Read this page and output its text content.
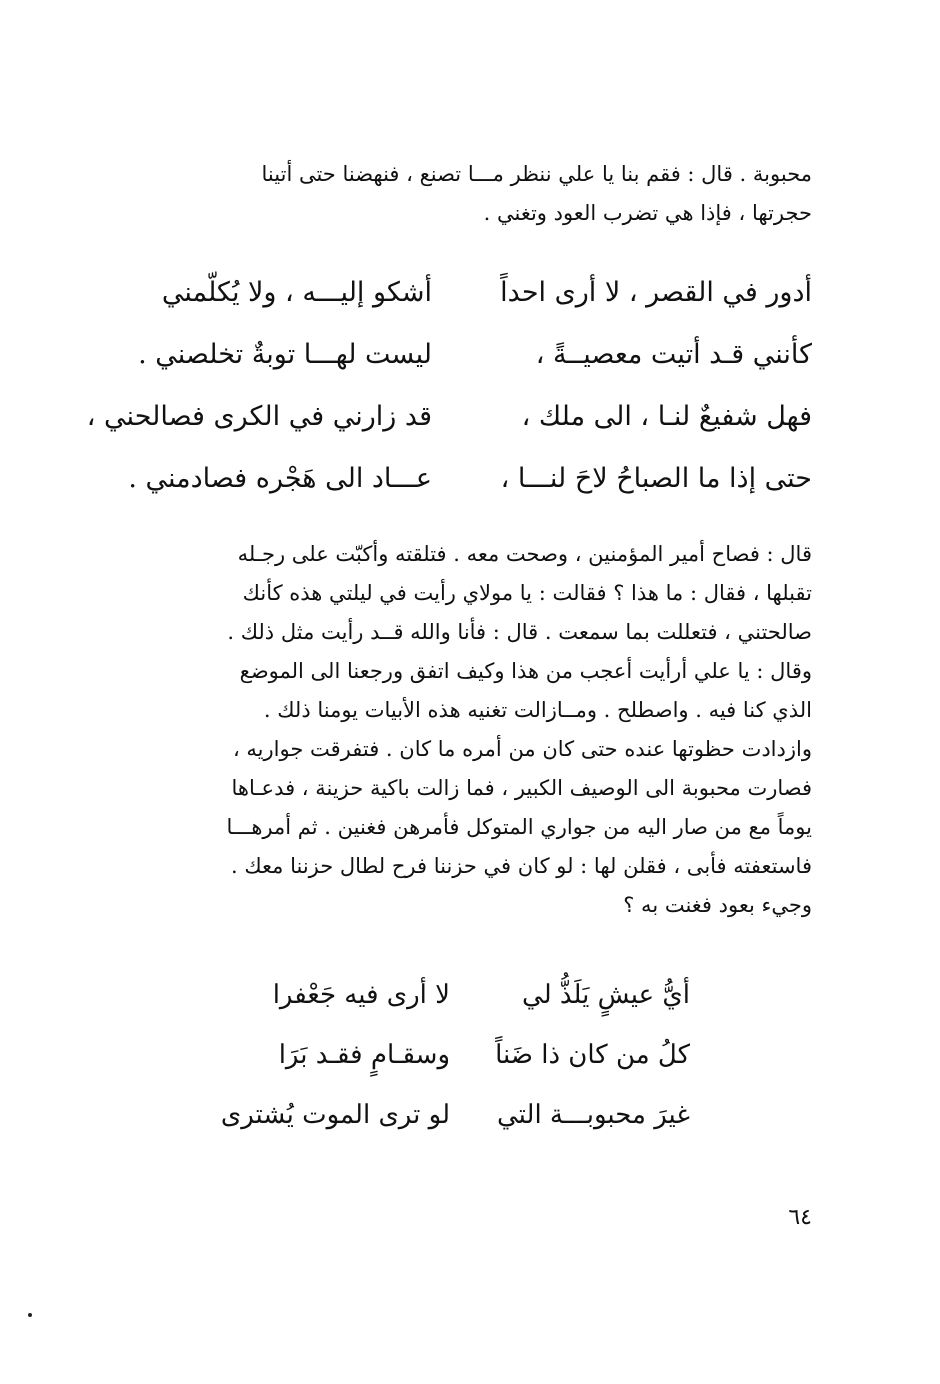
محبوبة . قال : فقم بنا يا علي ننظر مـــا تصنع ، فنهضنا حتى أتينا

حجرتها ، فإذا هي تضرب العود وتغني .

أدور في القصر ، لا أرى احداً
أشكو إليـــه ، ولا يُكلّمني
كأنني قـد أتيت معصيــةً ،
ليست لهـــا توبةٌ تخلصني .
فهل شفيعٌ لنـا ، الى ملك ،
قد زارني في الكرى فصالحني ،
حتى إذا ما الصباحُ لاحَ لنـــا ،
عـــاد الى هَجْره فصادمني .

قال : فصاح أمير المؤمنين ، وصحت معه . فتلقته وأكبّت على رجـله

تقبلها ، فقال : ما هذا ؟ فقالت : يا مولاي رأيت في ليلتي هذه كأنك

صالحتني ، فتعللت بما سمعت . قال : فأنا والله قــد رأيت مثل ذلك .

وقال : يا علي أرأيت أعجب من هذا وكيف اتفق ورجعنا الى الموضع

الذي كنا فيه . واصطلح . ومــازالت تغنيه هذه الأبيات يومنا ذلك .

وازدادت حظوتها عنده حتى كان من أمره ما كان . فتفرقت جواريه ،

فصارت محبوبة الى الوصيف الكبير ، فما زالت باكية حزينة ، فدعـاها

يوماً مع من صار اليه من جواري المتوكل فأمرهن فغنين . ثم أمرهـــا

فاستعفته فأبى ، فقلن لها : لو كان في حزننا فرح لطال حزننا معك .

وجيء بعود فغنت به ؟

أيُّ عيشٍ يَلَذُّ لي
لا أرى فيه جَعْفرا
كلُ من كان ذا ضَناً
وسقـامٍ فقـد بَرَا
غيرَ محبوبـــة التي
لو ترى الموت يُشترى
٦٤
